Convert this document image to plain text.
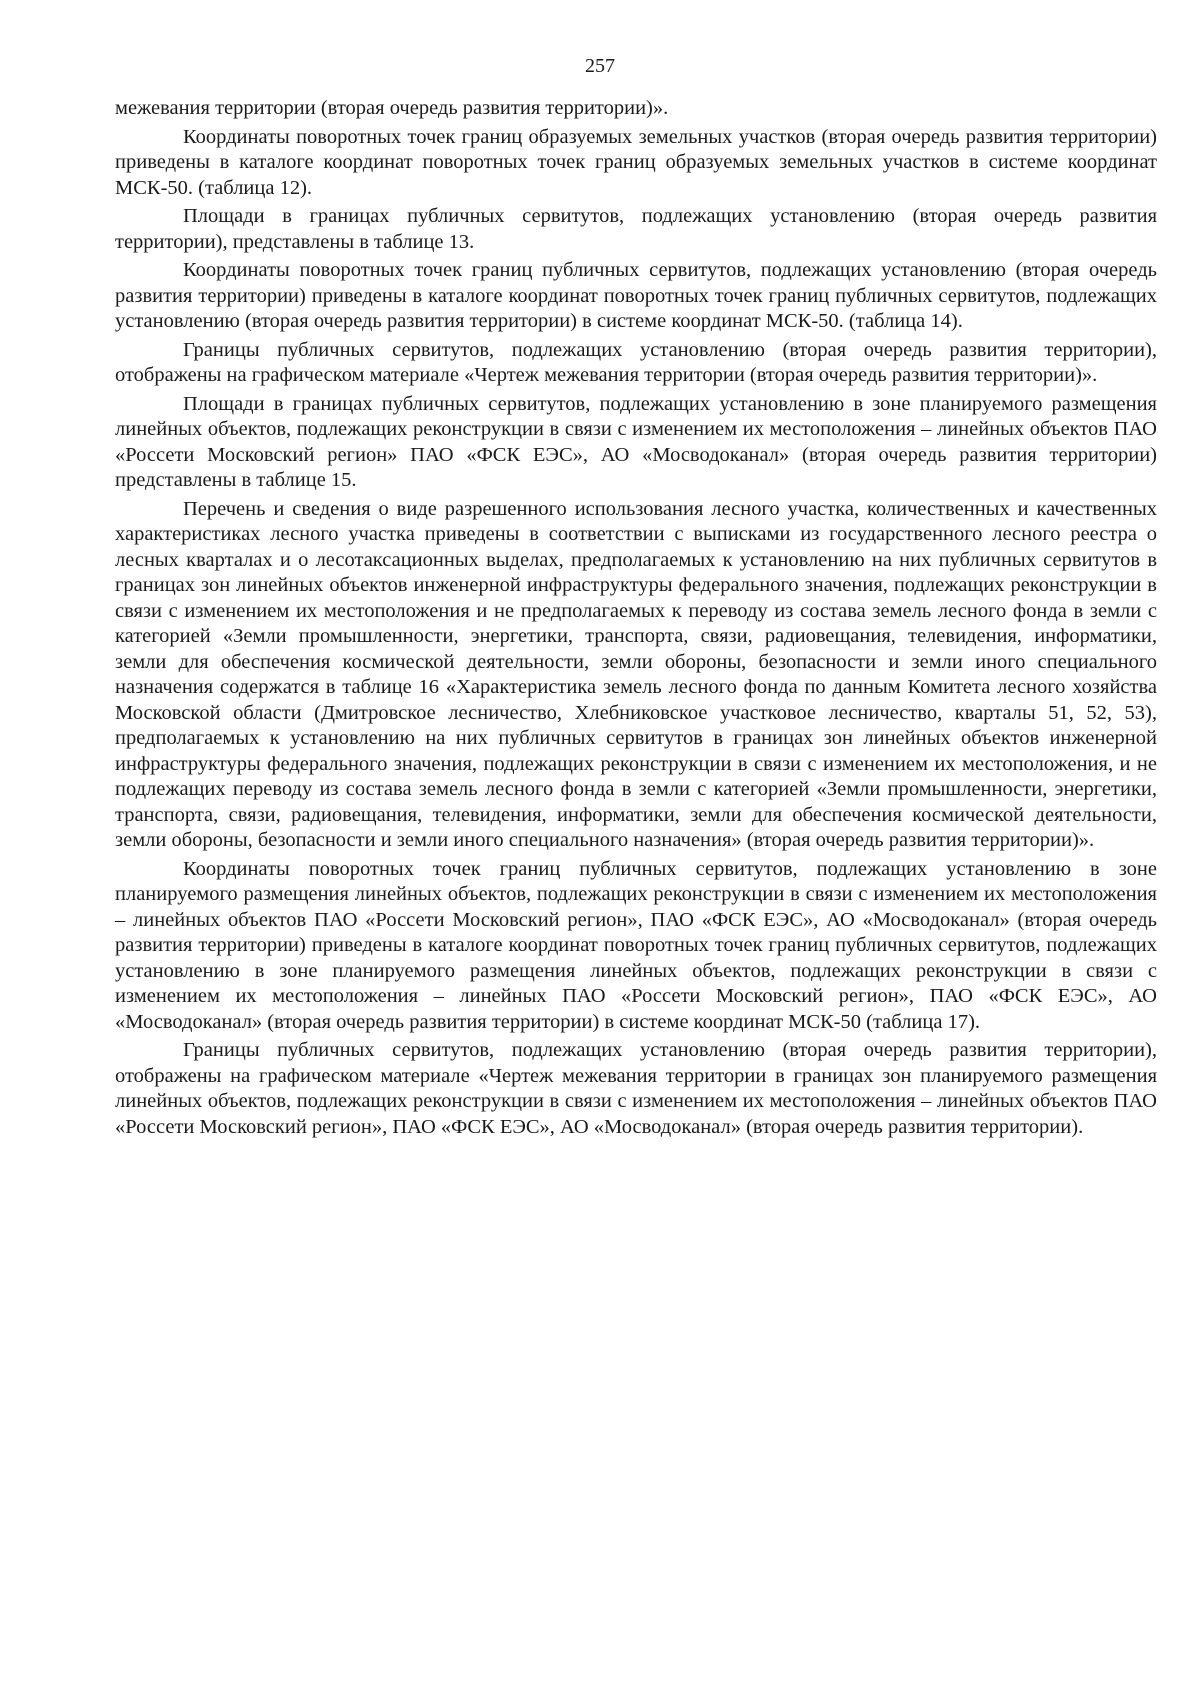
257

межевания территории (вторая очередь развития территории)».

Координаты поворотных точек границ образуемых земельных участков (вторая очередь развития территории) приведены в каталоге координат поворотных точек границ образуемых земельных участков в системе координат МСК-50. (таблица 12).

Площади в границах публичных сервитутов, подлежащих установлению (вторая очередь развития территории), представлены в таблице 13.

Координаты поворотных точек границ публичных сервитутов, подлежащих установлению (вторая очередь развития территории) приведены в каталоге координат поворотных точек границ публичных сервитутов, подлежащих установлению (вторая очередь развития территории) в системе координат МСК-50. (таблица 14).

Границы публичных сервитутов, подлежащих установлению (вторая очередь развития территории), отображены на графическом материале «Чертеж межевания территории (вторая очередь развития территории)».

Площади в границах публичных сервитутов, подлежащих установлению в зоне планируемого размещения линейных объектов, подлежащих реконструкции в связи с изменением их местоположения – линейных объектов ПАО «Россети Московский регион» ПАО «ФСК ЕЭС», АО «Мосводоканал» (вторая очередь развития территории) представлены в таблице 15.

Перечень и сведения о виде разрешенного использования лесного участка, количественных и качественных характеристиках лесного участка приведены в соответствии с выписками из государственного лесного реестра о лесных кварталах и о лесотаксационных выделах, предполагаемых к установлению на них публичных сервитутов в границах зон линейных объектов инженерной инфраструктуры федерального значения, подлежащих реконструкции в связи с изменением их местоположения и не предполагаемых к переводу из состава земель лесного фонда в земли с категорией «Земли промышленности, энергетики, транспорта, связи, радиовещания, телевидения, информатики, земли для обеспечения космической деятельности, земли обороны, безопасности и земли иного специального назначения содержатся в таблице 16 «Характеристика земель лесного фонда по данным Комитета лесного хозяйства Московской области (Дмитровское лесничество, Хлебниковское участковое лесничество, кварталы 51, 52, 53), предполагаемых к установлению на них публичных сервитутов в границах зон линейных объектов инженерной инфраструктуры федерального значения, подлежащих реконструкции в связи с изменением их местоположения, и не подлежащих переводу из состава земель лесного фонда в земли с категорией «Земли промышленности, энергетики, транспорта, связи, радиовещания, телевидения, информатики, земли для обеспечения космической деятельности, земли обороны, безопасности и земли иного специального назначения» (вторая очередь развития территории)».

Координаты поворотных точек границ публичных сервитутов, подлежащих установлению в зоне планируемого размещения линейных объектов, подлежащих реконструкции в связи с изменением их местоположения – линейных объектов ПАО «Россети Московский регион», ПАО «ФСК ЕЭС», АО «Мосводоканал» (вторая очередь развития территории) приведены в каталоге координат поворотных точек границ публичных сервитутов, подлежащих установлению в зоне планируемого размещения линейных объектов, подлежащих реконструкции в связи с изменением их местоположения – линейных ПАО «Россети Московский регион», ПАО «ФСК ЕЭС», АО «Мосводоканал» (вторая очередь развития территории) в системе координат МСК-50 (таблица 17).

Границы публичных сервитутов, подлежащих установлению (вторая очередь развития территории), отображены на графическом материале «Чертеж межевания территории в границах зон планируемого размещения линейных объектов, подлежащих реконструкции в связи с изменением их местоположения – линейных объектов ПАО «Россети Московский регион», ПАО «ФСК ЕЭС», АО «Мосводоканал» (вторая очередь развития территории).
